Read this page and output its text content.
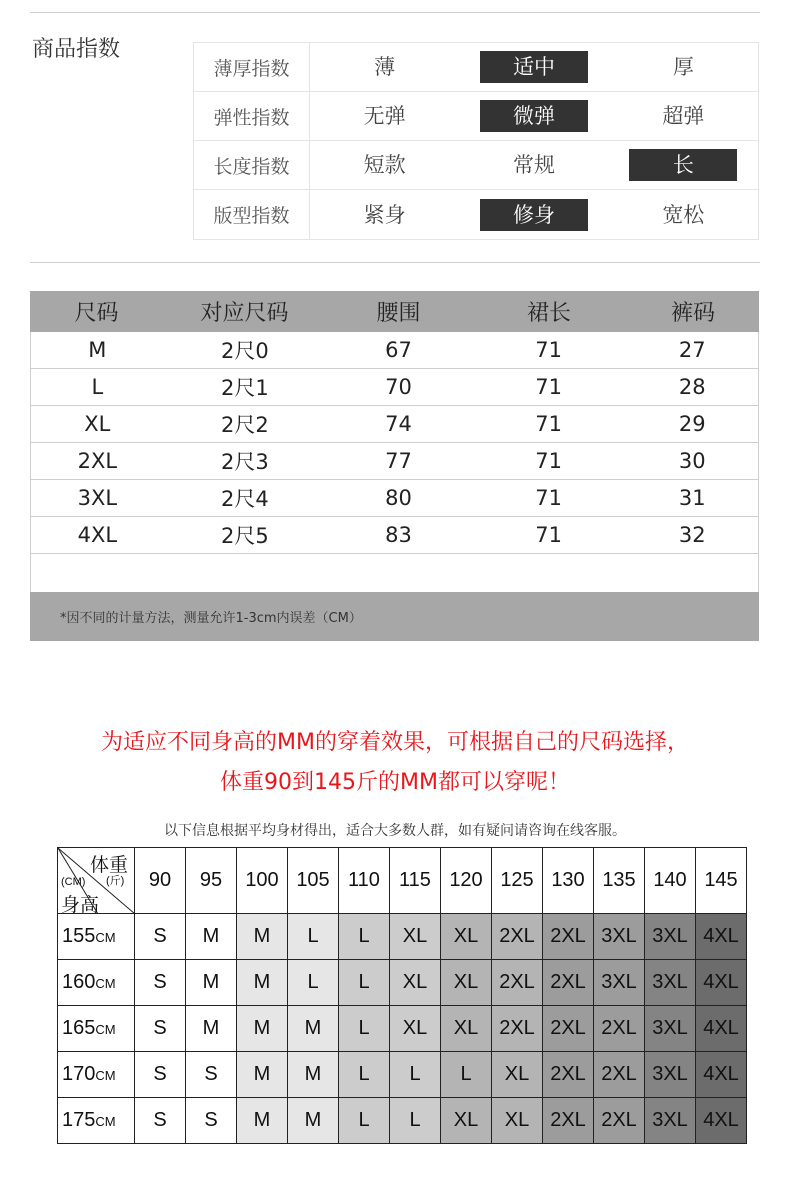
商品指数
薄厚指数	薄	适中	厚
弹性指数	无弹	微弹	超弹
长度指数	短款	常规	长
版型指数	紧身	修身	宽松
尺码	对应尺码	腰围	裙长	裤码
M	2尺0	67	71	27
L	2尺1	70	71	28
XL	2尺2	74	71	29
2XL	2尺3	77	71	30
3XL	2尺4	80	71	31
4XL	2尺5	83	71	32
*因不同的计量方法，测量允许1-3cm内误差（CM）
为适应不同身高的MM的穿着效果，可根据自己的尺码选择，
体重90到145斤的MM都可以穿呢！
以下信息根据平均身材得出，适合大多数人群，如有疑问请咨询在线客服。
体重
(CM) (斤)
身高	90	95	100	105	110	115	120	125	130	135	140	145
155CM	S	M	M	L	L	XL	XL	2XL	2XL	3XL	3XL	4XL
160CM	S	M	M	L	L	XL	XL	2XL	2XL	3XL	3XL	4XL
165CM	S	M	M	M	L	XL	XL	2XL	2XL	2XL	3XL	4XL
170CM	S	S	M	M	L	L	L	XL	2XL	2XL	3XL	4XL
175CM	S	S	M	M	L	L	XL	XL	2XL	2XL	3XL	4XL
